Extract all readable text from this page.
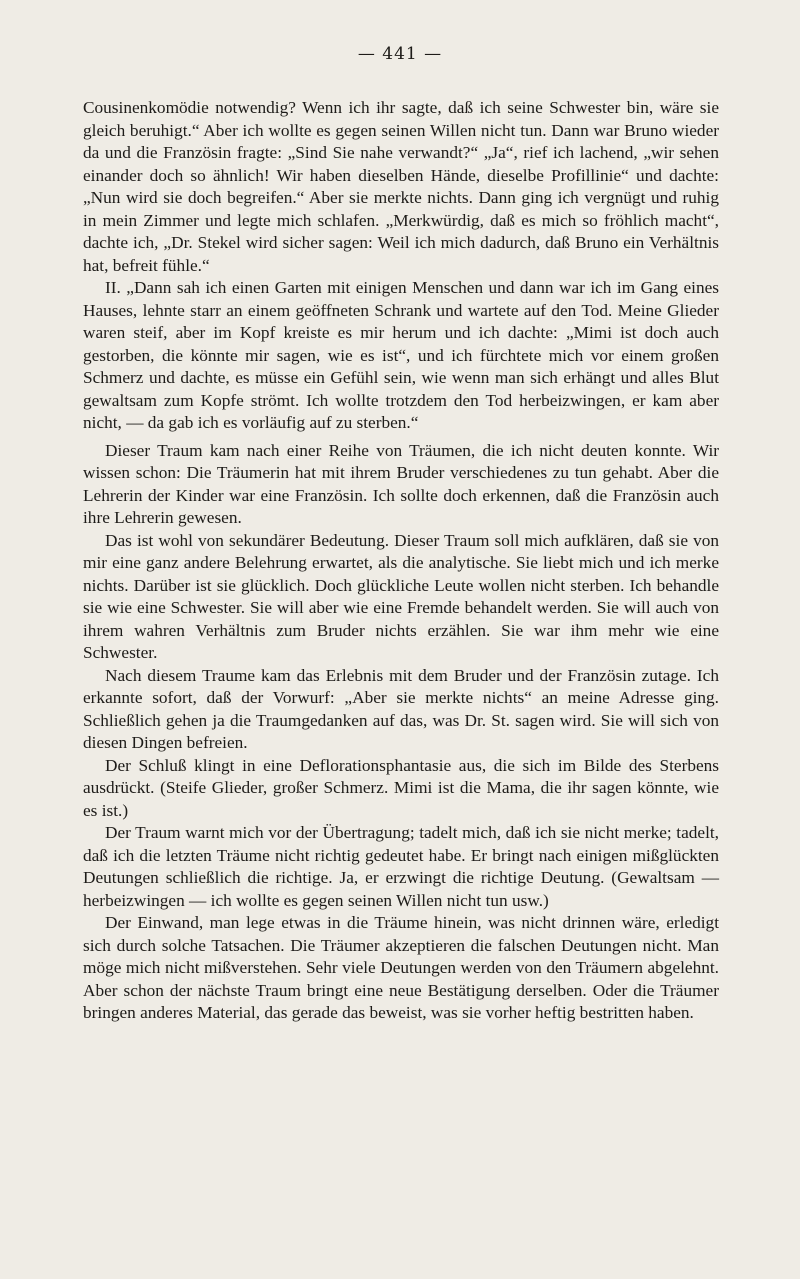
— 441 —

Cousinenkomödie notwendig? Wenn ich ihr sagte, daß ich seine Schwester bin, wäre sie gleich beruhigt.“ Aber ich wollte es gegen seinen Willen nicht tun. Dann war Bruno wieder da und die Französin fragte: „Sind Sie nahe verwandt?“ „Ja“, rief ich lachend, „wir sehen einander doch so ähnlich! Wir haben dieselben Hände, dieselbe Profillinie“ und dachte: „Nun wird sie doch begreifen.“ Aber sie merkte nichts. Dann ging ich vergnügt und ruhig in mein Zimmer und legte mich schlafen. „Merkwürdig, daß es mich so fröhlich macht“, dachte ich, „Dr. Stekel wird sicher sagen: Weil ich mich dadurch, daß Bruno ein Verhältnis hat, befreit fühle.“

II. „Dann sah ich einen Garten mit einigen Menschen und dann war ich im Gang eines Hauses, lehnte starr an einem geöffneten Schrank und wartete auf den Tod. Meine Glieder waren steif, aber im Kopf kreiste es mir herum und ich dachte: „Mimi ist doch auch gestorben, die könnte mir sagen, wie es ist“, und ich fürchtete mich vor einem großen Schmerz und dachte, es müsse ein Gefühl sein, wie wenn man sich erhängt und alles Blut gewaltsam zum Kopfe strömt. Ich wollte trotzdem den Tod herbeizwingen, er kam aber nicht, — da gab ich es vorläufig auf zu sterben.“

Dieser Traum kam nach einer Reihe von Träumen, die ich nicht deuten konnte. Wir wissen schon: Die Träumerin hat mit ihrem Bruder verschiedenes zu tun gehabt. Aber die Lehrerin der Kinder war eine Französin. Ich sollte doch erkennen, daß die Französin auch ihre Lehrerin gewesen.

Das ist wohl von sekundärer Bedeutung. Dieser Traum soll mich aufklären, daß sie von mir eine ganz andere Belehrung erwartet, als die analytische. Sie liebt mich und ich merke nichts. Darüber ist sie glücklich. Doch glückliche Leute wollen nicht sterben. Ich behandle sie wie eine Schwester. Sie will aber wie eine Fremde behandelt werden. Sie will auch von ihrem wahren Verhältnis zum Bruder nichts erzählen. Sie war ihm mehr wie eine Schwester.

Nach diesem Traume kam das Erlebnis mit dem Bruder und der Französin zutage. Ich erkannte sofort, daß der Vorwurf: „Aber sie merkte nichts“ an meine Adresse ging. Schließlich gehen ja die Traumgedanken auf das, was Dr. St. sagen wird. Sie will sich von diesen Dingen befreien.

Der Schluß klingt in eine Deflorationsphantasie aus, die sich im Bilde des Sterbens ausdrückt. (Steife Glieder, großer Schmerz. Mimi ist die Mama, die ihr sagen könnte, wie es ist.)

Der Traum warnt mich vor der Übertragung; tadelt mich, daß ich sie nicht merke; tadelt, daß ich die letzten Träume nicht richtig gedeutet habe. Er bringt nach einigen mißglückten Deutungen schließlich die richtige. Ja, er erzwingt die richtige Deutung. (Gewaltsam — herbeizwingen — ich wollte es gegen seinen Willen nicht tun usw.)

Der Einwand, man lege etwas in die Träume hinein, was nicht drinnen wäre, erledigt sich durch solche Tatsachen. Die Träumer akzeptieren die falschen Deutungen nicht. Man möge mich nicht mißverstehen. Sehr viele Deutungen werden von den Träumern abgelehnt. Aber schon der nächste Traum bringt eine neue Bestätigung derselben. Oder die Träumer bringen anderes Material, das gerade das beweist, was sie vorher heftig bestritten haben.
